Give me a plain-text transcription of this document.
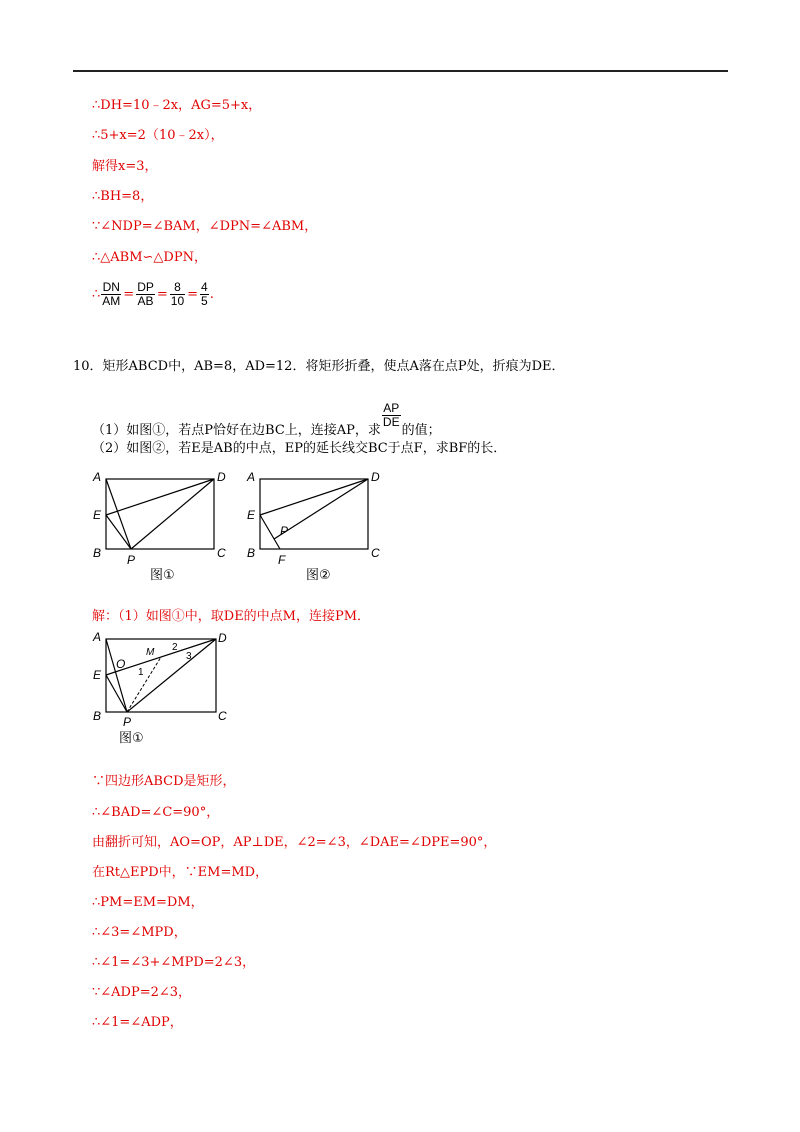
∴DH=10﹣2x，AG=5+x，
∴5+x=2（10﹣2x），
解得x=3，
∴BH=8，
∵∠NDP=∠BAM，∠DPN=∠ABM，
∴△ABM∽△DPN，
∴ $\frac{DN}{AM} = \frac{DP}{AB} = \frac{8}{10} = \frac{4}{5}$ .
10．矩形ABCD中，AB=8，AD=12．将矩形折叠，使点A落在点P处，折痕为DE．
（1）如图①，若点P恰好在边BC上，连接AP，求
$\frac{AP}{DE}$
的值；
（2）如图②，若E是AB的中点，EP的延长线交BC于点F，求BF的长．
A	D
E
B P	C
图①
A	D
E
P
B F	C
图②
解：（1）如图①中，取DE的中点M，连接PM．
A	D
E
O
M
1
2
3
B P	C
图①
∵四边形ABCD是矩形，
∴∠BAD=∠C=90°，
由翻折可知，AO=OP，AP⊥DE，∠2=∠3，∠DAE=∠DPE=90°，
在Rt△EPD中，∵EM=MD，
∴PM=EM=DM，
∴∠3=∠MPD，
∴∠1=∠3+∠MPD=2∠3，
∵∠ADP=2∠3，
∴∠1=∠ADP，
